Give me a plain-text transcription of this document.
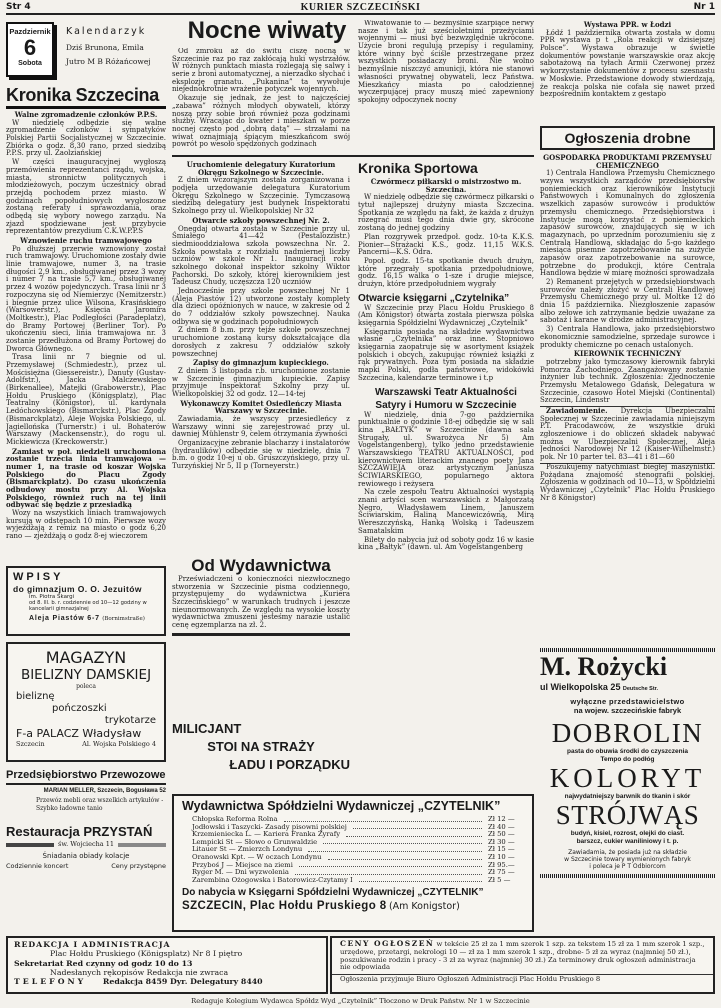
Str 4	KURIER SZCZECIŃSKI	Nr 1
Pazdziernik
6
Sobota
Kalendarzyk
Dziś Brunona, Emila
Jutro M B Różańcowej
Kronika Szczecina
Walne zgromadzenie członków P.P.S.

W niedzielę odbędzie się walne zgromadzenie członków i sympatyków Polskiej Partii Socjalistycznej w Szczecinie. Zbiórka o godz. 8,30 rano, przed siedzibą P.P.S. przy ul. Zaolziańskiej

W części inauguracyjnej wygłoszą przemówienia reprezentanci rządu, wojska, miasta, stronnictw politycznych i młodzieżowych, poczym uczestnicy obrad przejdą pochodem przez miasto. W godzinach popołudniowych wygłoszone zostaną referaty i sprawozdania, oraz odbędą się wybory nowego zarządu. Na zjazd spodziewane jest przybycie reprezentantów prezydium C.K.W.P.P.S

Wznowienie ruchu tramwajowego

Po dłuższej przerwie wznowiony został ruch tramwajowy. Uruchomione zostały dwie linie tramwajowe, numer 3, na trasie długości 2,9 km., obsługiwanej przez 3 wozy i numer 7 na trasie 5,7 km., obsługiwanej przez 4 wozów pojedynczych. Trasa linii nr 3 rozpoczyna się od Niemierzyc (Nemitzerstr.) i biegnie przez ulice Wilsona, Krasińskiego (Warsowerstr.), Księcia Jaromira (Moltkestr.), Plac Podległości (Paradeplatz), do Bramy Portowej (Berliner Tor). Po ukończeniu sieci, linia tramwajowa nr. 3 zostanie przedłużona od Bramy Portowej do Dworca Głównego.

Trasa linii nr 7 biegnie od ul. Przemysławej (Schmiedestr.), przez ul. Mościsiężna (Giessereistr.), Danuty (Gustav-Adolfstr.), Jacka Malczewskiego (Birkenallee), Matejki (Grabowerstr.), Plac Hołdu Pruskiego (Königsplatz), Plac Teatralny (Königstor), ul. kardynała Ledóchowskiego (Bismarckstr.), Plac Zgody (Bismarckplatz), Aleje Wojska Polskiego, ul. Jagiellońska (Turnerstr.) i ul. Bohaterów Warszawy (Mackensenstr.), do rogu ul. Mickiewicza (Kreckowerstr.)

Zamiast w poł. niedzieli uruchomiona zostanie trzecia linia tramwajowa — numer 1, na trasie od koszar Wojska Polskiego do Placu Zgody (Bismarckplatz). Do czasu ukończenia odbudowy mostu przy Al. Wojska Polskiego, również ruch na tej linii odbywać się będzie z przesiadką

Wozy na wszystkich liniach tramwajowych kursują w odstępach 10 min. Pierwsze wozy wyjeżdżają z remiz na miasto o godz 6,20 rano — zjeżdżają o godz 8-ej wieczorem

WPISY
do gimnazjum O. O. Jezuitów
im. Piotra Skargi
od 8. lll. b. r. codziennie od 10—12 godziny w kancelarii gimnazjalnej
Aleja Piastów 6-7 (Bornimstraße)
MAGAZYN
BIELIZNY DAMSKIEJ
poleca
bieliznę
pończoszki
trykotarze
F-a PALACZ Władysław
Szczecin	Al. Wojska Polskiego 4
Przedsiębiorstwo Przewozowe
MARIAN MELLER, Szczecin, Bogusława 52
Przewóz mebli oraz wszelkich artykułów - Szybko ładowne tanio
Restauracja PRZYSTAŃ
św. Wojciecha 11
Śniadania obiady kolacje
Codziennie koncert	Ceny przystępne
Nocne wiwaty

Od zmroku aż do świtu ciszę nocną w Szczecinie raz po raz zakłócają huki wystrzałów. W różnych punktach miasta rozlegają się salwy i serie z broni automatycznej, a nierzadko słychać i eksplozję granatu. „Pukanina” ta wywołuje niejednokrotnie wrażenie potyczek wojennych.

Okazuje się jednak, że jest to najczęściej „zabawa” różnych młodych obywateli, którzy noszą przy sobie broń również poza godzinami służby. Wracając do kwater i mieszkań w porze nocnej często pod „dobrą datą” — strzałami na wiwat oznajmiają śpiącym mieszkańcom swój powrót po wesoło spędzonych godzinach

Wiwatowanie to — bezmyślnie szarpiące nerwy nasze i tak już sześcioletnimi przeżyciami wojennymi — musi być bezwzględnie ukrócone. Użycie broni regulują przepisy i regulaminy, które winny być ściśle przestrzegane przez wszystkich posiadaczy broni. Nie wolno bezmyślnie niszczyć amunicji, która nie stanowi własności prywatnej obywateli, lecz Państwa. Mieszkańcy miasta po całodziennej wyczerpującej pracy muszą mieć zapewniony spokojny odpoczynek nocny

Uruchomienie delegatury Kuratorium Okręgu Szkolnego w Szczecinie.

Z dniem wczorajszym została zorganizowana i podjęła urzędowanie delegatura Kuratorium Okręgu Szkolnego w Szczecinie. Tymczasową siedzibą delegatury jest budynek Inspektoratu Szkolnego przy ul. Wielkopolskiej Nr 32

Otwarcie szkoły powszechnej Nr. 2.

Onegdaj otwarta została w Szczecinie przy ul. Śmiałego 41—42 (Pestalozzistr.) siedmiooddziałowa szkoła powszechna Nr. 2. Szkoła powstała z rozdziału nadmiernej liczby uczniów w szkole Nr 1. Inauguracji roku szkolnego dokonał inspektor szkolny Wiktor Pachorski. Do szkoły, której kierownikiem jest Tadeusz Chudy, uczęszcza 120 uczniów

Jednocześnie przy szkole powszechnej Nr 1 (Aleja Piastów 12) utworzone zostały komplety dla dzieci opóźnionych w nauce, w zakresie od 2 do 7 oddziałów szkoły powszechnej. Nauka odbywa się w godzinach popołudniowych

Z dniem 8 b.m. przy tejże szkole powszechnej uruchomione zostaną kursy dokształcające dla dorosłych z zakresu 7 oddziałów szkoły powszechnej

Zapisy do gimnazjum kupieckiego.

Z dniem 3 listopada r.b. uruchomione zostanie w Szczecinie gimnazjum kupieckie. Zapisy przyjmuje Inspektorat Szkolny przy ul. Wielkopolskiej 32 od godz. 12—14-tej

Wykonawczy Komitet Osiedleńczy Miasta Warszawy w Szczecinie.

Zawiadamia, że wszyscy przesiedleńcy z Warszawy winni się zarejestrować przy ul. dawniej Mühlenstr 9, celem otrzymania żywności

Organizacyjne zebranie blacharzy i instalatorów (hydraulików) odbędzie się w niedzielę, dnia 7 b.m. o godz 10-ej u ob. Gruszczyńskiego, przy ul. Turzyńskiej Nr 5, II p (Torneyerstr.)

Od Wydawnictwa

Przeświadczeni o konieczności niezwłocznego stworzenia w Szczecinie pisma codziennego, przystępujemy do wydawnictwa „Kuriera Szczecińskiego” w warunkach trudnych i jeszcze nieunormowanych. Ze względu na wysokie koszty wydawnictwa zmuszeni jesteśmy narazie ustalić cenę egzemplarza na zł. 2.

MILICJANT
STOI NA STRAŻY
ŁADU I PORZĄDKU
Kronika Sportowa
Czwórmecz piłkarski o mistrzostwo m. Szczecina.

W niedzielę odbędzie się czwórmecz piłkarski o tytuł najlepszej drużyny miasta Szczecina. Spotkania ze względu na fakt, że każda z drużyn rozegrać musi tego dnia dwie gry, skrócone zostaną do jednej godziny

Plan rozgrywek przedpoł. godz. 10-ta K.K.S. Pionier—Strażacki K.S., godz. 11,15 W.K.S. Pancerni—K.S. Odra.

Popoł. godz. 15-ta spotkanie dwuch drużyn, które przegrały spotkania przedpołudniowe, godz. 16,15 walka o 1-sze i drugie miejsce, drużyn, które przedpołudniem wygrały

Otwarcie księgarni „Czytelnika”

W Szczecinie przy Placu Hołdu Pruskiego 8 (Am Königstor) otwarta została pierwsza polska księgarnia Spółdzielni Wydawniczej „Czytelnik”

Księgarnia posiada na składzie wydawnictwa własne „Czytelnika” oraz inne. Stopniowo księgarnia zaopatruje się w asortyment książek polskich i obcych, zakupując również książki z rąk prywatnych. Poza tym posiada na składzie mapki Polski, godła państwowe, widokówki Szczecina, kalendarze terminowe i t.p

Warszawski Teatr Aktualności
Satyry i Humoru w Szczecinie

W niedzielę, dnia 7-go października punktualnie o godzinie 18-ej odbędzie się w sali kina „BAŁTYK” w Szczecinie (dawna sala Strugały, ul. Swarożyca Nr 5) Am Vogelstangenberg), tylko jedno przedstawienie Warszawskiego TEATRU AKTUALNOŚCI, pod kierownictwem literackim znanego poety Jana SZCZAWIEJA oraz artystycznym Janusza ŚCIWIARSKIEGO, popularnego aktora rewiowego i reżysera

Na czele zespołu Teatru Aktualności wystąpią znani artyści scen warszawskich z Małgorzatą Negro, Władysławem Linem, Januszem Ściwiarskim, Haliną Mancewiczówną, Mirą Wereszczyńską, Hanką Wolską i Tadeuszem Samatalskim

Bilety do nabycia już od soboty godz 16 w kasie kina „Bałtyk” (dawn. ul. Am Vogelstangenberg

Wystawa PPR. w Łodzi

Łódź 1 października otwarta została w domu PPR wystawa p t „Rola reakcji w dzisiejszej Polsce”. Wystawa obrazuje w świetle dokumentów powstanie warszawskie oraz akcję sabotażową na tyłach Armii Czerwonej przez wykorzystanie dokumentów z procesu szesnastu w Moskwie. Przedstawione dowody stwierdzają, że reakcja polska nie cofała się nawet przed bezpośrednim kontaktem z gestapo

Ogłoszenia drobne
GOSPODARKA PRODUKTAMI PRZEMYSŁU CHEMICZNEGO

1) Centrala Handlowa Przemysłu Chemicznego wzywa wszystkich zarządców przedsiębiorstw poniemieckich oraz kierowników Instytucji Państwowych i Komunalnych do zgłoszenia wszelkich zapasów surowców i produktów przemysłu chemicznego. Przedsiębiorstwa i Instytucje mogą korzystać z poniemieckich zapasów surowców, znajdujących się w ich magazynach, po uprzednim porozumieniu się z Centralą Handlową, składając do 5-go każdego miesiąca pisemne zapotrzebowanie na zużycie zapasów oraz zapotrzebowanie na surowce, potrzebne do produkcji, które Centrala Handlowa będzie w miarę możności sprowadzała

2) Remanent przejętych w przedsiębiorstwach surowców należy złożyć w Centrali Handlowej Przemysłu Chemicznego przy ul. Moltke 12 do dnia 15 października. Niezgłoszenie zapasów albo zełowe ich zatrzymanie będzie uważane za sabotaż i karane w drodze administracyjnej.

3) Centrala Handlowa, jako przedsiębiorstwo ekonomicznie samodzielne, sprzedaje surowce i produkty chemiczne po cenach ustalonych.

KIEROWNIK TECHNICZNY

potrzebny jako tymczasowy kierownik fabryki Pomorza Zachodniego. Zaangażowany zostanie inżynier lub technik. Zgłoszenia: Zjednoczenie Przemysłu Metalowego Gdańsk, Delegatura w Szczecinie, czasowo Hotel Miejski (Continental) Szczecin, Lindenstr

Zawiadomienie. Dyrekcja Ubezpieczalni Społecznej w Szczecinie zawiadamia niniejszym P.T. Pracodawców, że wszystkie druki zgłoszeniowe i do obliczeń składek nabywać można w Ubezpieczalni Społecznej, Aleja Jedności Narodowej Nr 12 (Kaiser-Wilhelmstr.) pok. Nr 10 parter tel. 83—41 i 81—60

Poszukujemy natychmiast biegłej maszynistki. Pożądana znajomość stenografii polskiej. Zgłoszenia w godzinach od 10—13, w Spółdzielni Wydawniczej „Czytelnik” Plac Hołdu Pruskiego Nr 8 Königstor)

M. Rożycki
ul Wielkopolska 25 Deutsche Str.
wyłączne przedstawicielstwo
na wojew. szczecińskie fabryk
DOBROLIN
pasta do obuwia środki do czyszczenia
Tempo do podłóg
KOLORYT
najwydatniejszy barwnik do tkanin i skór
STRÓJWĄS
budyń, kisiel, rozrost, olejki do ciast.
barszcz, cukier waniliniowy i t. p.
Zawiadamia, że posiada już na składzie
w Szczecinie towary wymienionych fabryk
i poleca je P T Odbiorcom
Wydawnictwa Spółdzielni Wydawniczej „CZYTELNIK”
Chłopska Reforma Rolna	Zł 12 —
Jodłowski i Taszycki- Zasady pisowni polskiej	Zł 40 —
Krzemieniecka L. — Kariera Franka Żyrafy	Zł 50 —
Lempicki St — Słowo o Grunwaldzie	Zł 30 —
Litauer St — Zmierzch Londynu	Zł 15 —
Oranowski Kpt. — W oczach Londynu	Zł 10 —
Przyboś J — Miejsce na ziemi	Zł 95.—
Ryger M. — Dni wyzwolenia	Zł 75 —
Zarembina Ożogowska i Batorowicz-Czytamy I	Zł 5 —
Do nabycia w Księgarni Spółdzielni Wydawniczej „CZYTELNIK”
SZCZECIN, Plac Hołdu Pruskiego 8 (Am Konigstor)
REDAKCJA I ADMINISTRACJA
Plac Hołdu Pruskiego (Königsplatz) Nr 8 I piętro
Sekretariat Red czynny od godz 10 do 13
Nadesłanych rękopisów Redakcja nie zwraca
TELEFONY Redakcja 8459 Dyr. Delegatury 8440
CENY OGŁOSZEŃ w tekście 25 zł za 1 mm szerok 1 szp. za tekstem 15 zł za 1 mm szerok 1 szp., urzędowe, przetargi, nekrologi 10 — zł za 1 mm szerok 1 szp., drobne- 5 zł za wyraz (najmniej 50 zł.), poszukiwanie rodzin i pracy - 3 zł za wyraz (najmniej 30 zł.) Za terminowy druk ogłoszeń administracja nie odpowiada
Ogłoszenia przyjmuje Biuro Ogłoszeń Administracji Plac Hołdu Pruskiego 8
Redaguje Kolegium Wydawca Spółdz Wyd „Czytelnik” Tłoczono w Druk Państw. Nr 1 w Szczecinie
